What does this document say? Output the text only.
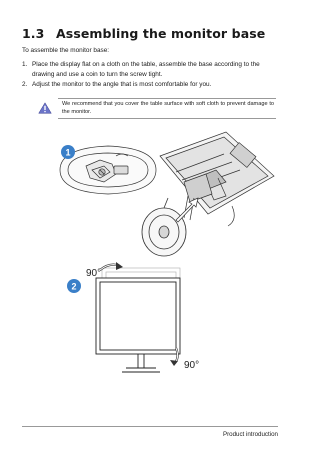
1.3 Assembling the monitor base
To assemble the monitor base:
1. Place the display flat on a cloth on the table, assemble the base according to the drawing and use a coin to turn the screw tight.
2. Adjust the monitor to the angle that is most comfortable for you.
We recommend that you cover the table surface with soft cloth to prevent damage to the monitor.
1
2
90°
90°
Product introduction
